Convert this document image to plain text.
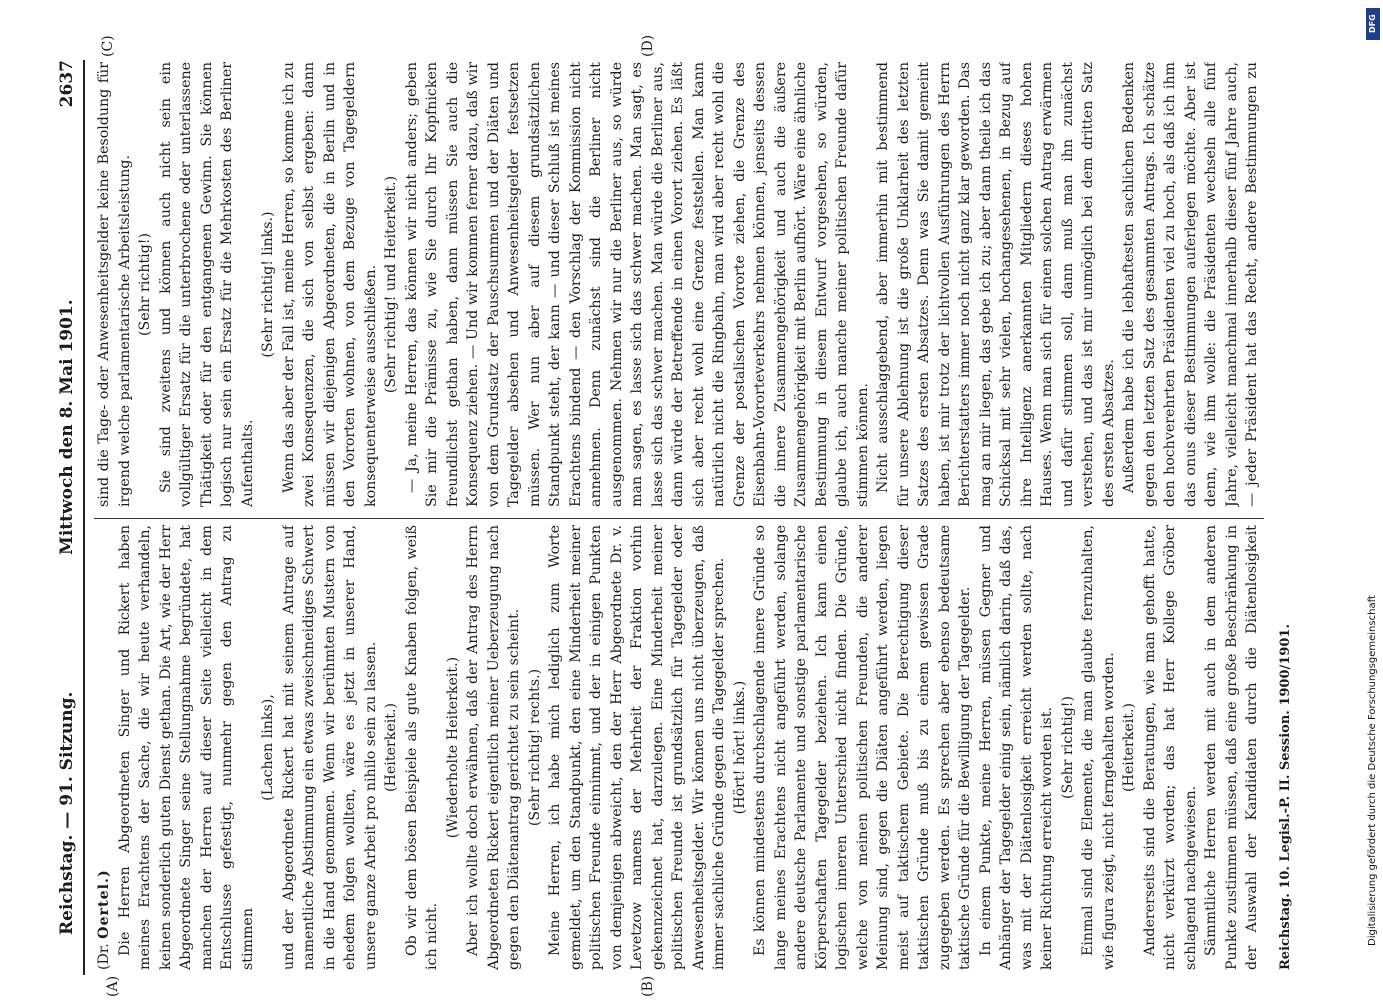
Reichstag. — 91. Sitzung.
Mittwoch den 8. Mai 1901.
2637
(A)	(B)
(C)	(D)

(Dr. Oertel.) Die Herren Abgeordneten Singer und Rickert haben meines Erachtens der Sache, die wir heute verhandeln, keinen sonderlich guten Dienst gethan. Die Art, wie der Herr Abgeordnete Singer seine Stellungnahme begründete, hat manchen der Herren auf dieser Seite vielleicht in dem Entschlusse gefestigt, nunmehr gegen den Antrag zu stimmen

(Lachen links), und der Abgeordnete Rickert hat mit seinem Antrage auf namentliche Abstimmung ein etwas zweischneidiges Schwert in die Hand genommen. Wenn wir berühmten Mustern von ehedem folgen wollten, wäre es jetzt in unserer Hand, unsere ganze Arbeit pro nihilo sein zu lassen. (Heiterkeit.) Ob wir dem bösen Beispiele als gute Knaben folgen, weiß ich nicht.

(Wiederholte Heiterkeit.) Aber ich wollte doch erwähnen, daß der Antrag des Herrn Abgeordneten Rickert eigentlich meiner Ueberzeugung nach gegen den Diätenantrag gerichtet zu sein scheint. (Sehr richtig! rechts.) Meine Herren, ich habe mich lediglich zum Worte gemeldet, um den Standpunkt, den eine Minderheit meiner politischen Freunde einnimmt, und der in einigen Punkten von demjenigen abweicht, den der Herr Abgeordnete Dr. v. Levetzow namens der Mehrheit der Fraktion vorhin gekennzeichnet hat, darzulegen. Eine Minderheit meiner politischen Freunde ist grundsätzlich für Tagegelder oder Anwesenheitsgelder. Wir können uns nicht überzeugen, daß immer sachliche Gründe gegen die Tagegelder sprechen. (Hört! hört! links.) Es können mindestens durchschlagende innere Gründe so lange meines Erachtens nicht angeführt werden, solange andere deutsche Parlamente und sonstige parlamentarische Körperschaften Tagegelder beziehen. Ich kann einen logischen inneren Unterschied nicht finden. Die Gründe, welche von meinen politischen Freunden, die anderer Meinung sind, gegen die Diäten angeführt werden, liegen meist auf taktischem Gebiete. Die Berechtigung dieser taktischen Gründe muß bis zu einem gewissen Grade zugegeben werden. Es sprechen aber ebenso bedeutsame taktische Gründe für die Bewilligung der Tagegelder. In einem Punkte, meine Herren, müssen Gegner und Anhänger der Tagegelder einig sein, nämlich darin, daß das, was mit der Diätenlosigkeit erreicht werden sollte, nach keiner Richtung erreicht worden ist. (Sehr richtig!) Einmal sind die Elemente, die man glaubte fernzuhalten, wie figura zeigt, nicht ferngehalten worden. (Heiterkeit.) Andererseits sind die Beratungen, wie man gehofft hatte, nicht verkürzt worden; das hat Herr Kollege Gröber schlagend nachgewiesen. Sämmtliche Herren werden mit auch in dem anderen Punkte zustimmen müssen, daß eine große Beschränkung in der Auswahl der Kandidaten durch die Diätenlosigkeit

sind die Tage- oder Anwesenheitsgelder keine Besoldung für irgend welche parlamentarische Arbeitsleistung. (Sehr richtig!) Sie sind zweitens und können auch nicht sein ein vollgültiger Ersatz für die unterbrochene oder unterlassene Thätigkeit oder für den entgangenen Gewinn. Sie können logisch nur sein ein Ersatz für die Mehrkosten des Berliner Aufenthalts.

(Sehr richtig! links.) Wenn das aber der Fall ist, meine Herren, so komme ich zu zwei Konsequenzen, die sich von selbst ergeben: dann müssen wir diejenigen Abgeordneten, die in Berlin und in den Vororten wohnen, von dem Bezuge von Tagegeldern konsequenterweise ausschließen. (Sehr richtig! und Heiterkeit.) — Ja, meine Herren, das können wir nicht anders; geben Sie mir die Prämisse zu, wie Sie durch Ihr Kopfnicken freundlichst gethan haben, dann müssen Sie auch die Konsequenz ziehen. — Und wir kommen ferner dazu, daß wir von dem Grundsatz der Pauschsummen und der Diäten und Tagegelder absehen und Anwesenheitsgelder festsetzen müssen. Wer nun aber auf diesem grundsätzlichen Standpunkt steht, der kann — und dieser Schluß ist meines Erachtens bindend — den Vorschlag der Kommission nicht annehmen. Denn zunächst sind die Berliner nicht ausgenommen. Nehmen wir nur die Berliner aus, so würde man sagen, es lasse sich das schwer machen. Man sagt, es lasse sich das schwer machen. Man würde die Berliner aus, dann würde der Betreffende in einen Vorort ziehen. Es läßt sich aber recht wohl eine Grenze feststellen. Man kann natürlich nicht die Ringbahn, man wird aber recht wohl die Grenze der postalischen Vororte ziehen, die Grenze des Eisenbahn-Vororteverkehrs nehmen können, jenseits dessen die innere Zusammengehörigkeit und auch die äußere Zusammengehörigkeit mit Berlin aufhört. Wäre eine ähnliche Bestimmung in diesem Entwurf vorgesehen, so würden, glaube ich, auch manche meiner politischen Freunde dafür stimmen können. Nicht ausschlaggebend, aber immerhin mit bestimmend für unsere Ablehnung ist die große Unklarheit des letzten Satzes des ersten Absatzes. Denn was Sie damit gemeint haben, ist mir trotz der lichtvollen Ausführungen des Herrn Berichterstatters immer noch nicht ganz klar geworden. Das mag an mir liegen, das gebe ich zu; aber dann theile ich das Schicksal mit sehr vielen, hochangesehenen, in Bezug auf ihre Intelligenz anerkannten Mitgliedern dieses hohen Hauses. Wenn man sich für einen solchen Antrag erwärmen und dafür stimmen soll, dann muß man ihn zunächst verstehen, und das ist mir unmöglich bei dem dritten Satz des ersten Absatzes. Außerdem habe ich die lebhaftesten sachlichen Bedenken gegen den letzten Satz des gesammten Antrags. Ich schätze den hochverehrten Präsidenten viel zu hoch, als daß ich ihm das onus dieser Bestimmungen auferlegen möchte. Aber ist denn, wie ihm wolle: die Präsidenten wechseln alle fünf Jahre, vielleicht manchmal innerhalb dieser fünf Jahre auch, — jeder Präsident hat das Recht, andere Bestimmungen zu

Reichstag. 10. Legisl.-P. II. Session. 1900/1901.
DFG
Digitalisierung gefördert durch die Deutsche Forschungsgemeinschaft
